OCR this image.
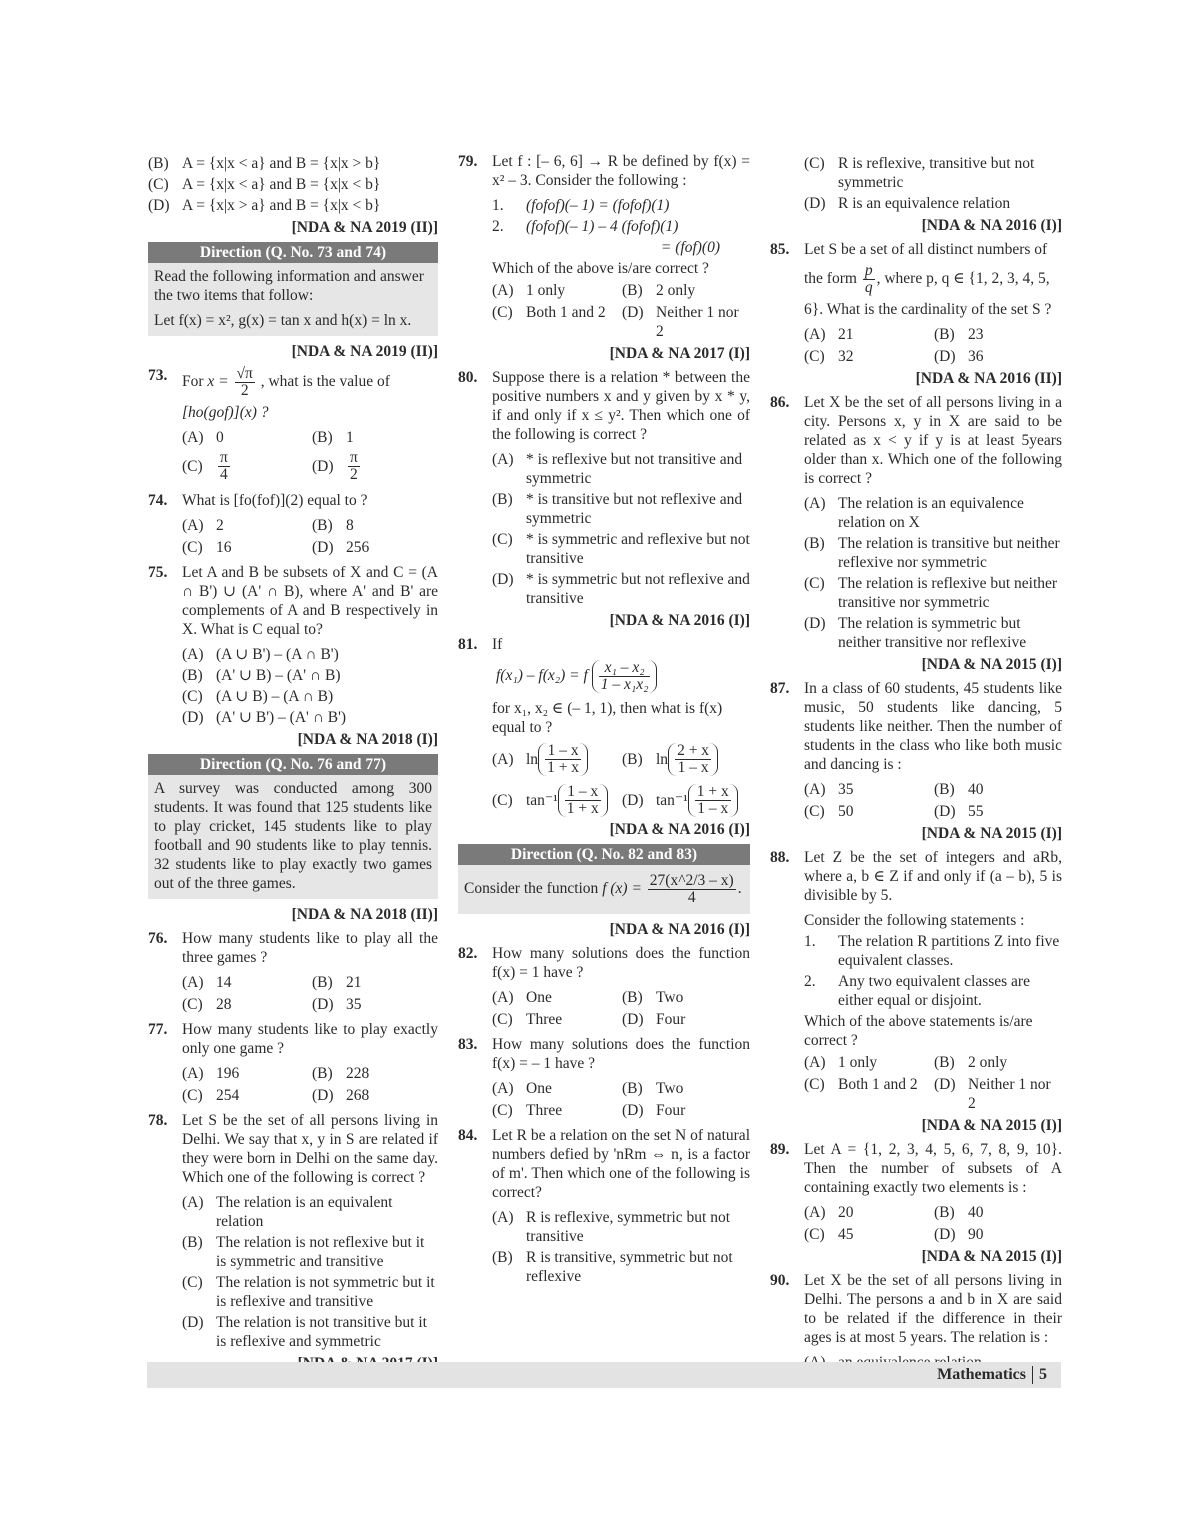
(B) A = {x|x < a} and B = {x|x > b}
(C) A = {x|x < a} and B = {x|x < b}
(D) A = {x|x > a} and B = {x|x < b}
[NDA & NA 2019 (II)]
Direction (Q. No. 73 and 74)
Read the following information and answer the two items that follow:
Let f(x) = x², g(x) = tan x and h(x) = ln x.
[NDA & NA 2019 (II)]
73. For $x = \frac{√\pi}{2}$ , what is the value of
[ho(gof)](x) ?
(A) 0	(B) 1
$(C) \frac{\pi}{4}$	$(D) \frac{\pi}{2}$
74. What is [fo(fof)](2) equal to ?
(A) 2	(B) 8
(C) 16	(D) 256
75. Let A and B be subsets of X and C = (A ∩ B') ∪ (A' ∩ B), where A' and B' are complements of A and B respectively in X. What is C equal to?
(A) (A ∪ B') – (A ∩ B')
(B) (A' ∪ B) – (A' ∩ B)
(C) (A ∪ B) – (A ∩ B)
(D) (A' ∪ B') – (A' ∩ B')
[NDA & NA 2018 (I)]
Direction (Q. No. 76 and 77)
A survey was conducted among 300 students. It was found that 125 students like to play cricket, 145 students like to play football and 90 students like to play tennis. 32 students like to play exactly two games out of the three games.
[NDA & NA 2018 (II)]
76. How many students like to play all the three games ?
(A) 14	(B) 21
(C) 28	(D) 35
77. How many students like to play exactly only one game ?
(A) 196	(B) 228
(C) 254	(D) 268
78. Let S be the set of all persons living in Delhi. We say that x, y in S are related if they were born in Delhi on the same day. Which one of the following is correct ?
(A) The relation is an equivalent relation
(B) The relation is not reflexive but it is symmetric and transitive
(C) The relation is not symmetric but it is reflexive and transitive
(D) The relation is not transitive but it is reflexive and symmetric
79. Let f : [– 6, 6] → R be defined by f(x) = x² – 3. Consider the following :
1.	(fofof)(– 1) = (fofof)(1)
2.	(fofof)(– 1) – 4 (fofof)(1)
= (fof)(0)
Which of the above is/are correct ?
(A) 1 only	(B) 2 only
(C) Both 1 and 2	(D) Neither 1 nor 2
[NDA & NA 2017 (I)]
80. Suppose there is a relation * between the positive numbers x and y given by x * y, if and only if x ≤ y². Then which one of the following is correct ?
(A) * is reflexive but not transitive and symmetric
(B) * is transitive but not reflexive and symmetric
(C) * is symmetric and reflexive but not transitive
(D) * is symmetric but not reflexive and transitive
[NDA & NA 2016 (I)]
81. If
f(x₁) – f(x₂) = f $\frac{\text{x₁ – x₂}}{\text{1 – x₁x₂}}$
for x₁, x₂ ∈ (– 1, 1), then what is f(x) equal to ?
(A) $\ln \frac{1 - x}{1 + x}$	(B) $\ln \frac{2 + x}{1 - x}$
(C) $\tan^{-1} \frac{1 - x}{1 + x} (D)$ $\tan^{-1} \frac{1 + x}{1 - x}$
[NDA & NA 2016 (I)]
Direction (Q. No. 82 and 83)
Consider the function f $(x) = \frac{27(x\^{}2/3 - x)}{4}$ .
[NDA & NA 2016 (I)]
82. How many solutions does the function f(x) = 1 have ?
(A) One	(B) Two
(C) Three	(D) Four
83. How many solutions does the function f(x) = – 1 have ?
(A) One	(B) Two
(C) Three	(D) Four
84. Let R be a relation on the set N of natural numbers defied by 'nRm ⇔ n, is a factor of m'. Then which one of the following is correct?
(A) R is reflexive, symmetric but not transitive
(B) R is transitive, symmetric but not reflexive
(C) R is reflexive, transitive but not symmetric
(D) R is an equivalence relation
[NDA & NA 2016 (I)]
85. Let S be a set of all distinct numbers of
the form $\frac{p}{q}$ , where p, q ∈ {1, 2, 3, 4, 5,
6}. What is the cardinality of the set S ?
(A) 21	(B) 23
(C) 32	(D) 36
[NDA & NA 2016 (II)]
86. Let X be the set of all persons living in a city. Persons x, y in X are said to be related as x < y if y is at least 5years older than x. Which one of the following is correct ?
(A) The relation is an equivalence relation on X
(B) The relation is transitive but neither reflexive nor symmetric
(C) The relation is reflexive but neither transitive nor symmetric
(D) The relation is symmetric but neither transitive nor reflexive
[NDA & NA 2015 (I)]
87. In a class of 60 students, 45 students like music, 50 students like dancing, 5 students like neither. Then the number of students in the class who like both music and dancing is :
(A) 35	(B) 40
(C) 50	(D) 55
[NDA & NA 2015 (I)]
88. Let Z be the set of integers and aRb, where a, b ∈ Z if and only if (a – b), 5 is divisible by 5.
Consider the following statements :
1.	The relation R partitions Z into five equivalent classes.
2.	Any two equivalent classes are either equal or disjoint.
Which of the above statements is/are correct ?
(A) 1 only	(B) 2 only
(C) Both 1 and 2	(D) Neither 1 nor 2
[NDA & NA 2015 (I)]
89. Let A = {1, 2, 3, 4, 5, 6, 7, 8, 9, 10}. Then the number of subsets of A containing exactly two elements is :
(A) 20	(B) 40
(C) 45	(D) 90
[NDA & NA 2015 (I)]
90. Let X be the set of all persons living in Delhi. The persons a and b in X are said to be related if the difference in their ages is at most 5 years. The relation is :
Mathematics 5
